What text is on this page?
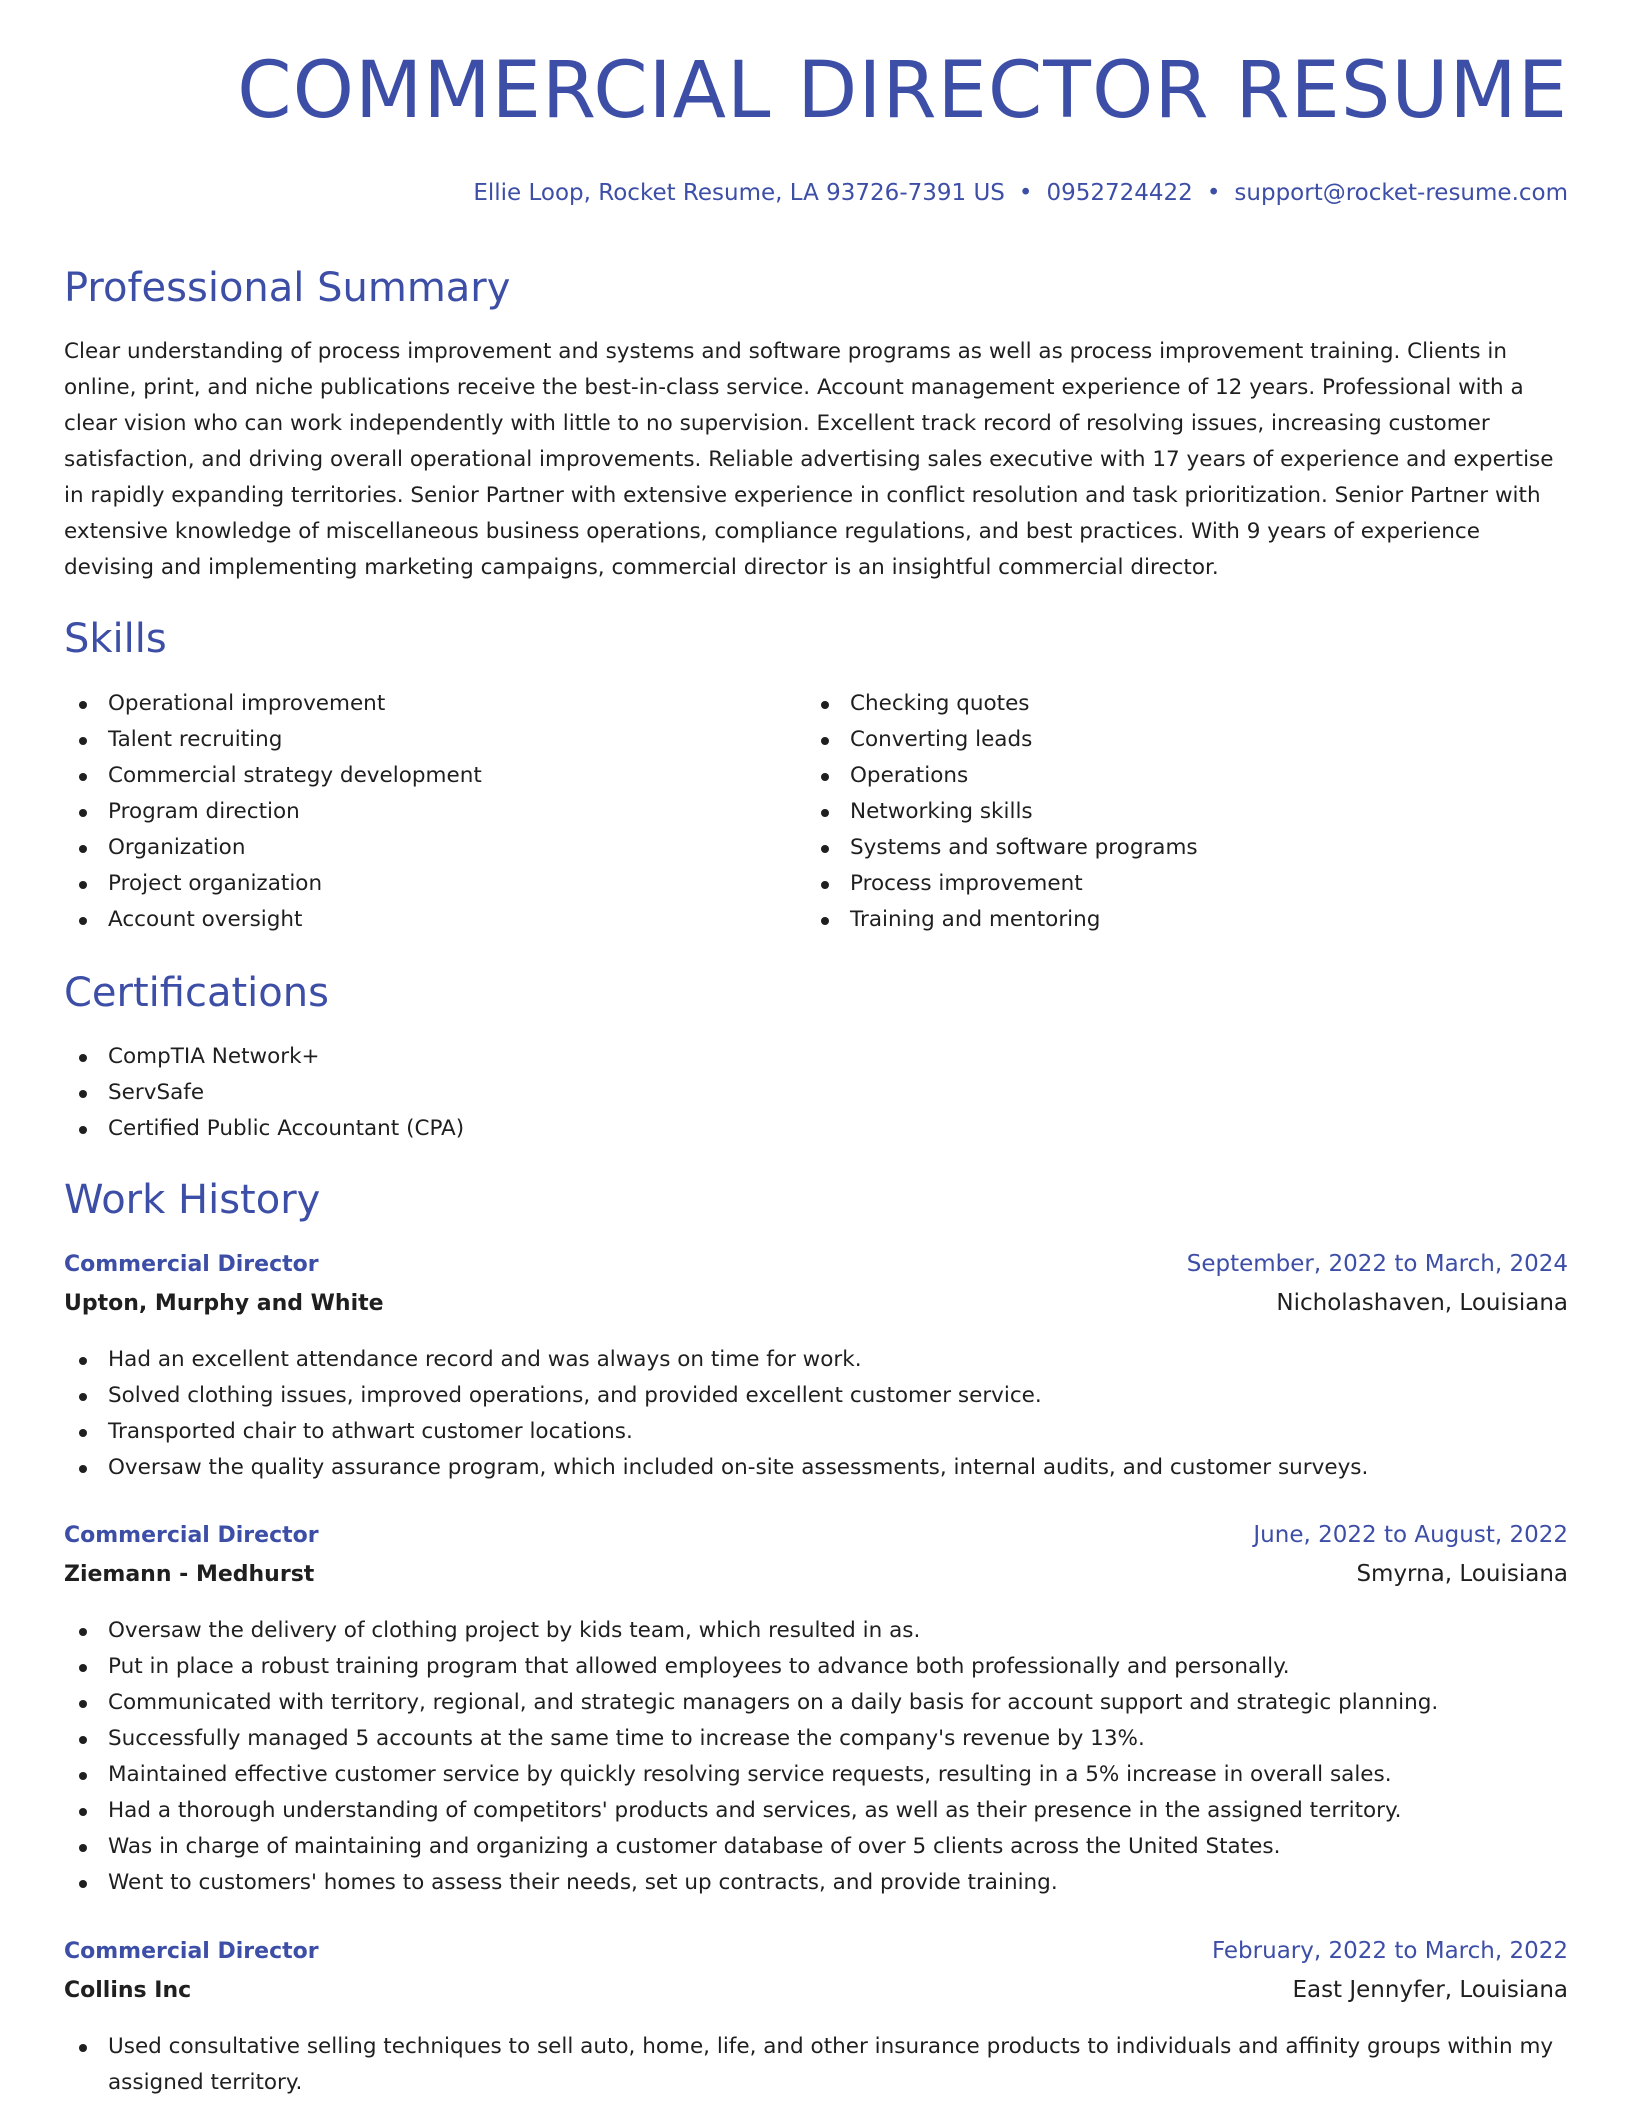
COMMERCIAL DIRECTOR RESUME
Ellie Loop, Rocket Resume, LA 93726-7391 US • 0952724422 • support@rocket-resume.com
Professional Summary

Clear understanding of process improvement and systems and software programs as well as process improvement training. Clients in online, print, and niche publications receive the best-in-class service. Account management experience of 12 years. Professional with a clear vision who can work independently with little to no supervision. Excellent track record of resolving issues, increasing customer satisfaction, and driving overall operational improvements. Reliable advertising sales executive with 17 years of experience and expertise in rapidly expanding territories. Senior Partner with extensive experience in conflict resolution and task prioritization. Senior Partner with extensive knowledge of miscellaneous business operations, compliance regulations, and best practices. With 9 years of experience devising and implementing marketing campaigns, commercial director is an insightful commercial director.

Skills
Operational improvement
Talent recruiting
Commercial strategy development
Program direction
Organization
Project organization
Account oversight
Checking quotes
Converting leads
Operations
Networking skills
Systems and software programs
Process improvement
Training and mentoring
Certifications
CompTIA Network+
ServSafe
Certified Public Accountant (CPA)
Work History
Commercial Director	September, 2022 to March, 2024
Upton, Murphy and White	Nicholashaven, Louisiana
Had an excellent attendance record and was always on time for work.
Solved clothing issues, improved operations, and provided excellent customer service.
Transported chair to athwart customer locations.
Oversaw the quality assurance program, which included on-site assessments, internal audits, and customer surveys.
Commercial Director	June, 2022 to August, 2022
Ziemann - Medhurst	Smyrna, Louisiana
Oversaw the delivery of clothing project by kids team, which resulted in as.
Put in place a robust training program that allowed employees to advance both professionally and personally.
Communicated with territory, regional, and strategic managers on a daily basis for account support and strategic planning.
Successfully managed 5 accounts at the same time to increase the company's revenue by 13%.
Maintained effective customer service by quickly resolving service requests, resulting in a 5% increase in overall sales.
Had a thorough understanding of competitors' products and services, as well as their presence in the assigned territory.
Was in charge of maintaining and organizing a customer database of over 5 clients across the United States.
Went to customers' homes to assess their needs, set up contracts, and provide training.
Commercial Director	February, 2022 to March, 2022
Collins Inc	East Jennyfer, Louisiana
Used consultative selling techniques to sell auto, home, life, and other insurance products to individuals and affinity groups within my assigned territory.
